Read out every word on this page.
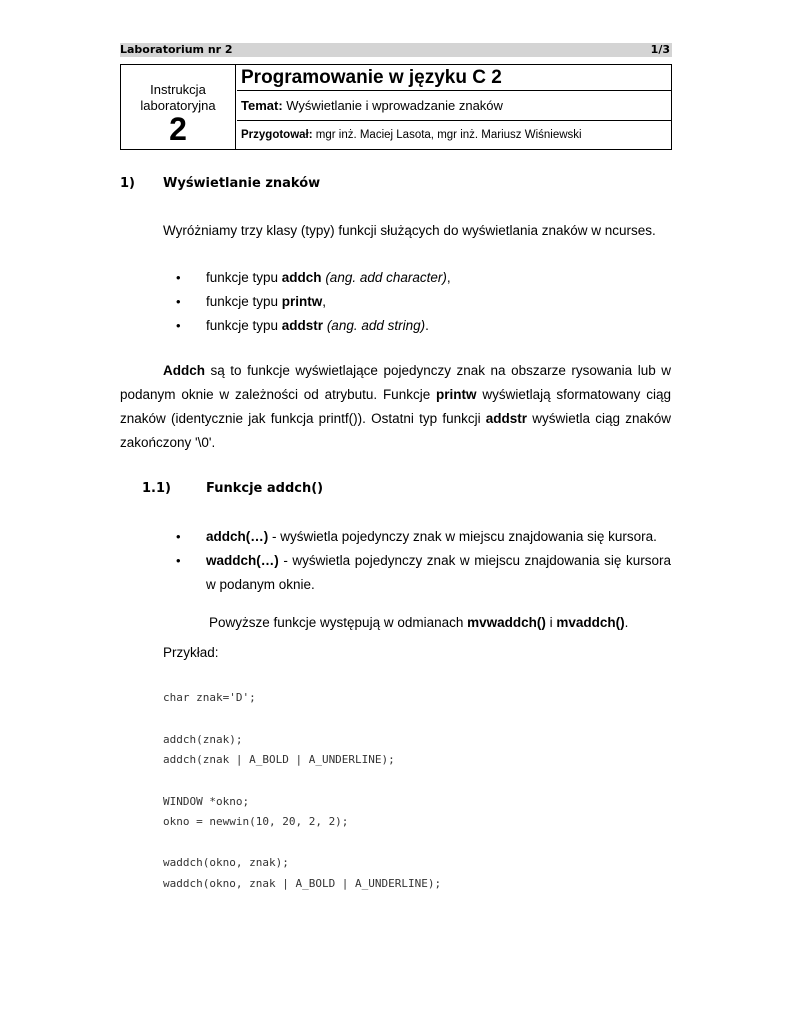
Laboratorium nr 2	1/3
Instrukcja
laboratoryjna
2
Programowanie w języku C 2
Temat: Wyświetlanie i wprowadzanie znaków
Przygotował: mgr inż. Maciej Lasota, mgr inż. Mariusz Wiśniewski
1) Wyświetlanie znaków
Wyróżniamy trzy klasy (typy) funkcji służących do wyświetlania znaków w ncurses.
• funkcje typu addch (ang. add character),
• funkcje typu printw,
• funkcje typu addstr (ang. add string).
Addch są to funkcje wyświetlające pojedynczy znak na obszarze rysowania lub w podanym oknie w zależności od atrybutu. Funkcje printw wyświetlają sformatowany ciąg znaków (identycznie jak funkcja printf()). Ostatni typ funkcji addstr wyświetla ciąg znaków zakończony '\0'.
1.1)	Funkcje addch()
• addch(…) - wyświetla pojedynczy znak w miejscu znajdowania się kursora.
• waddch(…) - wyświetla pojedynczy znak w miejscu znajdowania się kursora w podanym oknie.
Powyższe funkcje występują w odmianach mvwaddch() i mvaddch().
Przykład:
char znak='D';
addch(znak);
addch(znak | A_BOLD | A_UNDERLINE);
WINDOW *okno;
okno = newwin(10, 20, 2, 2);
waddch(okno, znak);
waddch(okno, znak | A_BOLD | A_UNDERLINE);
